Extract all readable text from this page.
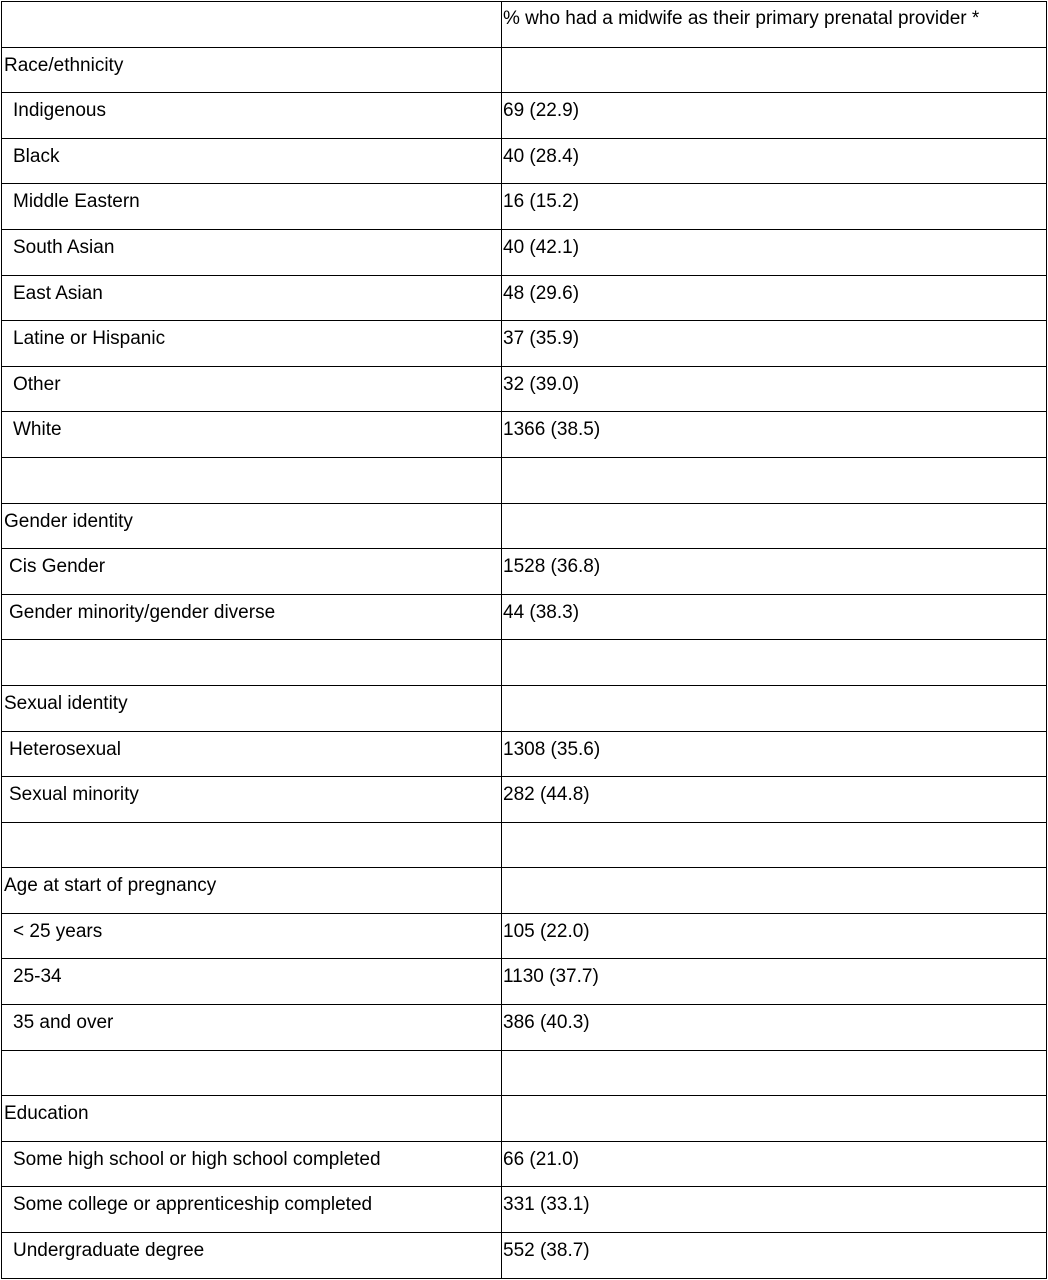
	% who had a midwife as their primary prenatal provider *

Race/ethnicity	

Indigenous	69 (22.9)

Black	40 (28.4)

Middle Eastern	16 (15.2)

South Asian	40 (42.1)

East Asian	48 (29.6)

Latine or Hispanic	37 (35.9)

Other	32 (39.0)

White	1366 (38.5)

Gender identity	

Cis Gender	1528 (36.8)

Gender minority/gender diverse	44 (38.3)

Sexual identity	

Heterosexual	1308 (35.6)

Sexual minority	282 (44.8)

Age at start of pregnancy	

< 25 years	105 (22.0)

25-34	1130 (37.7)

35 and over	386 (40.3)

Education	

Some high school or high school completed	66 (21.0)

Some college or apprenticeship completed	331 (33.1)

Undergraduate degree	552 (38.7)
